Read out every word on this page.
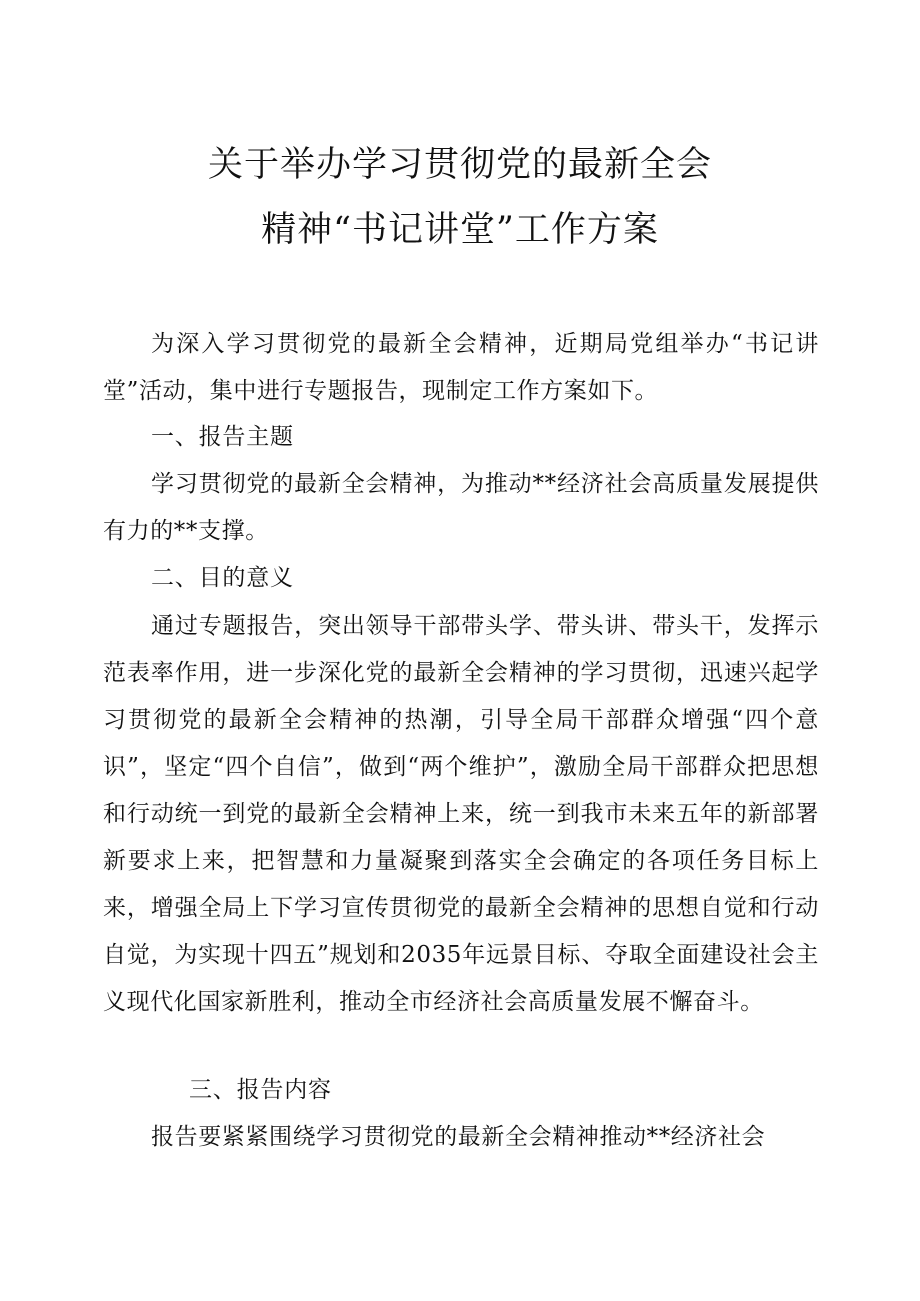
关于举办学习贯彻党的最新全会
精神“书记讲堂”工作方案
为深入学习贯彻党的最新全会精神，近期局党组举办“书记讲堂”活动，集中进行专题报告，现制定工作方案如下。
一、报告主题
学习贯彻党的最新全会精神，为推动**经济社会高质量发展提供有力的**支撑。
二、目的意义
通过专题报告，突出领导干部带头学、带头讲、带头干，发挥示范表率作用，进一步深化党的最新全会精神的学习贯彻，迅速兴起学习贯彻党的最新全会精神的热潮，引导全局干部群众增强“四个意识”，坚定“四个自信”，做到“两个维护”，激励全局干部群众把思想和行动统一到党的最新全会精神上来，统一到我市未来五年的新部署新要求上来，把智慧和力量凝聚到落实全会确定的各项任务目标上来，增强全局上下学习宣传贯彻党的最新全会精神的思想自觉和行动自觉，为实现十四五”规划和2035年远景目标、夺取全面建设社会主义现代化国家新胜利，推动全市经济社会高质量发展不懈奋斗。
三、报告内容
报告要紧紧围绕学习贯彻党的最新全会精神推动**经济社会
